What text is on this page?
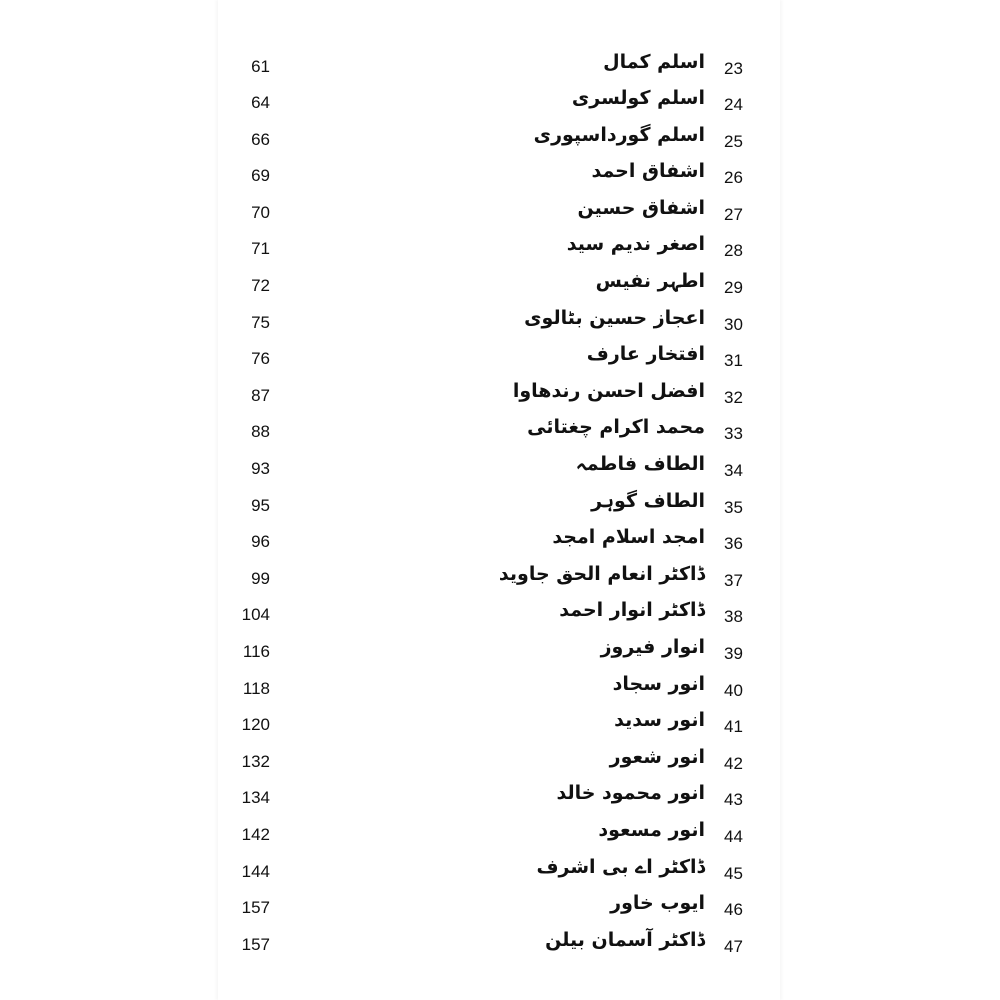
61	اسلم کمال 23
64	اسلم کولسری 24
66	اسلم گورداسپوری 25
69	اشفاق احمد 26
70	اشفاق حسین 27
71	اصغر ندیم سید 28
72	اطہر نفیس 29
75	اعجاز حسین بٹالوی 30
76	افتخار عارف 31
87	افضل احسن رندھاوا 32
88	محمد اکرام چغتائی 33
93	الطاف فاطمہ 34
95	الطاف گوہر 35
96	امجد اسلام امجد 36
99	ڈاکٹر انعام الحق جاوید 37
104	ڈاکٹر انوار احمد 38
116	انوار فیروز 39
118	انور سجاد 40
120	انور سدید 41
132	انور شعور 42
134	انور محمود خالد 43
142	انور مسعود 44
144	ڈاکٹر اے بی اشرف 45
157	ایوب خاور 46
157	ڈاکٹر آسمان بیلن 47
